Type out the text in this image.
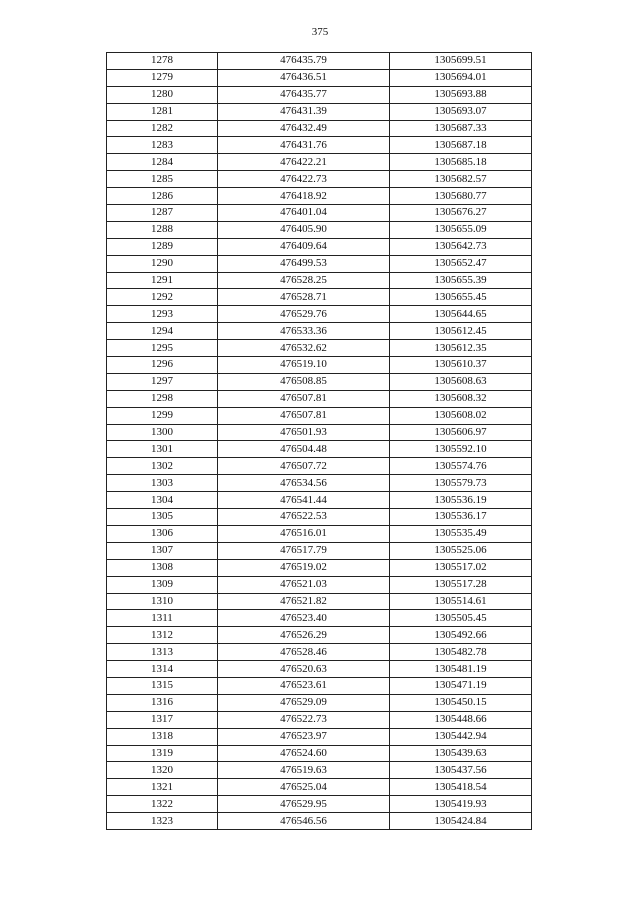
375
1278	476435.79	1305699.51
1279	476436.51	1305694.01
1280	476435.77	1305693.88
1281	476431.39	1305693.07
1282	476432.49	1305687.33
1283	476431.76	1305687.18
1284	476422.21	1305685.18
1285	476422.73	1305682.57
1286	476418.92	1305680.77
1287	476401.04	1305676.27
1288	476405.90	1305655.09
1289	476409.64	1305642.73
1290	476499.53	1305652.47
1291	476528.25	1305655.39
1292	476528.71	1305655.45
1293	476529.76	1305644.65
1294	476533.36	1305612.45
1295	476532.62	1305612.35
1296	476519.10	1305610.37
1297	476508.85	1305608.63
1298	476507.81	1305608.32
1299	476507.81	1305608.02
1300	476501.93	1305606.97
1301	476504.48	1305592.10
1302	476507.72	1305574.76
1303	476534.56	1305579.73
1304	476541.44	1305536.19
1305	476522.53	1305536.17
1306	476516.01	1305535.49
1307	476517.79	1305525.06
1308	476519.02	1305517.02
1309	476521.03	1305517.28
1310	476521.82	1305514.61
1311	476523.40	1305505.45
1312	476526.29	1305492.66
1313	476528.46	1305482.78
1314	476520.63	1305481.19
1315	476523.61	1305471.19
1316	476529.09	1305450.15
1317	476522.73	1305448.66
1318	476523.97	1305442.94
1319	476524.60	1305439.63
1320	476519.63	1305437.56
1321	476525.04	1305418.54
1322	476529.95	1305419.93
1323	476546.56	1305424.84
